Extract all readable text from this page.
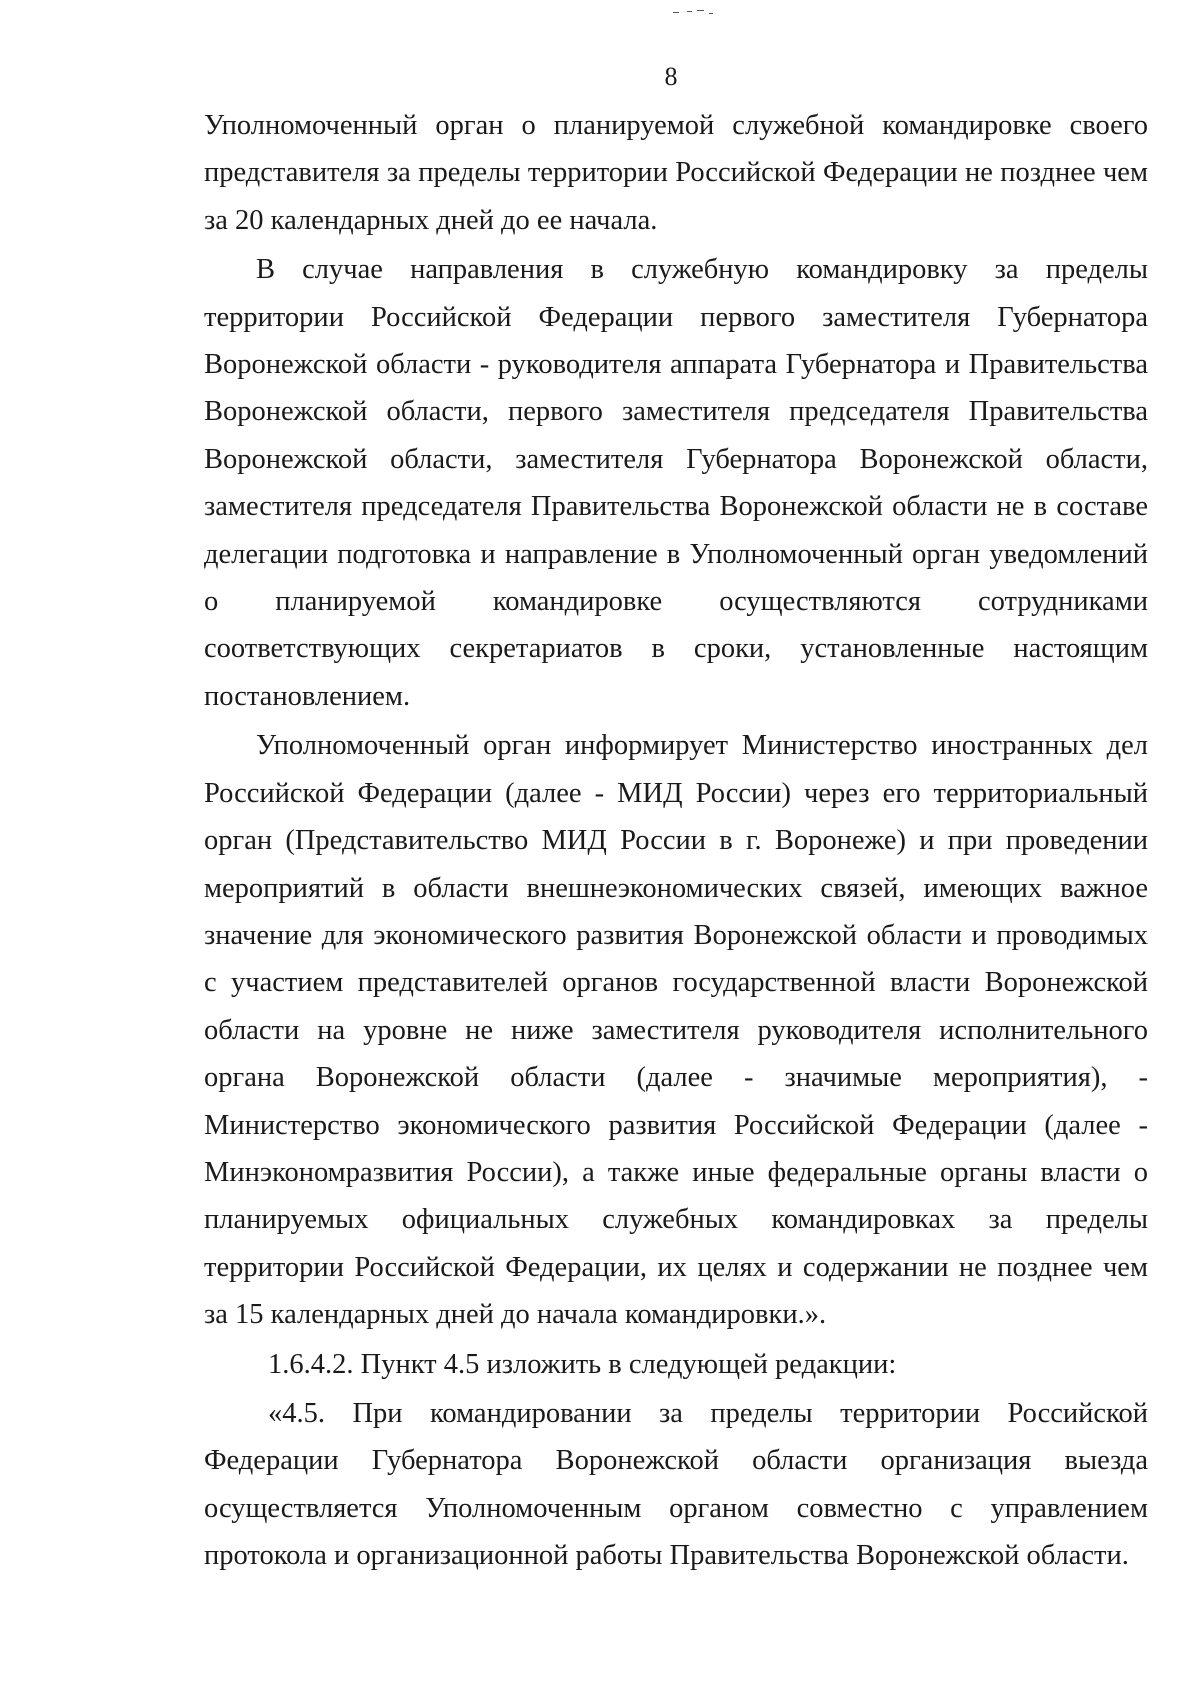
8

Уполномоченный орган о планируемой служебной командировке своего представителя за пределы территории Российской Федерации не позднее чем за 20 календарных дней до ее начала.

В случае направления в служебную командировку за пределы территории Российской Федерации первого заместителя Губернатора Воронежской области - руководителя аппарата Губернатора и Правительства Воронежской области, первого заместителя председателя Правительства Воронежской области, заместителя Губернатора Воронежской области, заместителя председателя Правительства Воронежской области не в составе делегации подготовка и направление в Уполномоченный орган уведомлений о планируемой командировке осуществляются сотрудниками соответствующих секретариатов в сроки, установленные настоящим постановлением.

Уполномоченный орган информирует Министерство иностранных дел Российской Федерации (далее - МИД России) через его территориальный орган (Представительство МИД России в г. Воронеже) и при проведении мероприятий в области внешнеэкономических связей, имеющих важное значение для экономического развития Воронежской области и проводимых с участием представителей органов государственной власти Воронежской области на уровне не ниже заместителя руководителя исполнительного органа Воронежской области (далее - значимые мероприятия), - Министерство экономического развития Российской Федерации (далее - Минэкономразвития России), а также иные федеральные органы власти о планируемых официальных служебных командировках за пределы территории Российской Федерации, их целях и содержании не позднее чем за 15 календарных дней до начала командировки.».

1.6.4.2. Пункт 4.5 изложить в следующей редакции:

«4.5. При командировании за пределы территории Российской Федерации Губернатора Воронежской области организация выезда осуществляется Уполномоченным органом совместно с управлением протокола и организационной работы Правительства Воронежской области.
